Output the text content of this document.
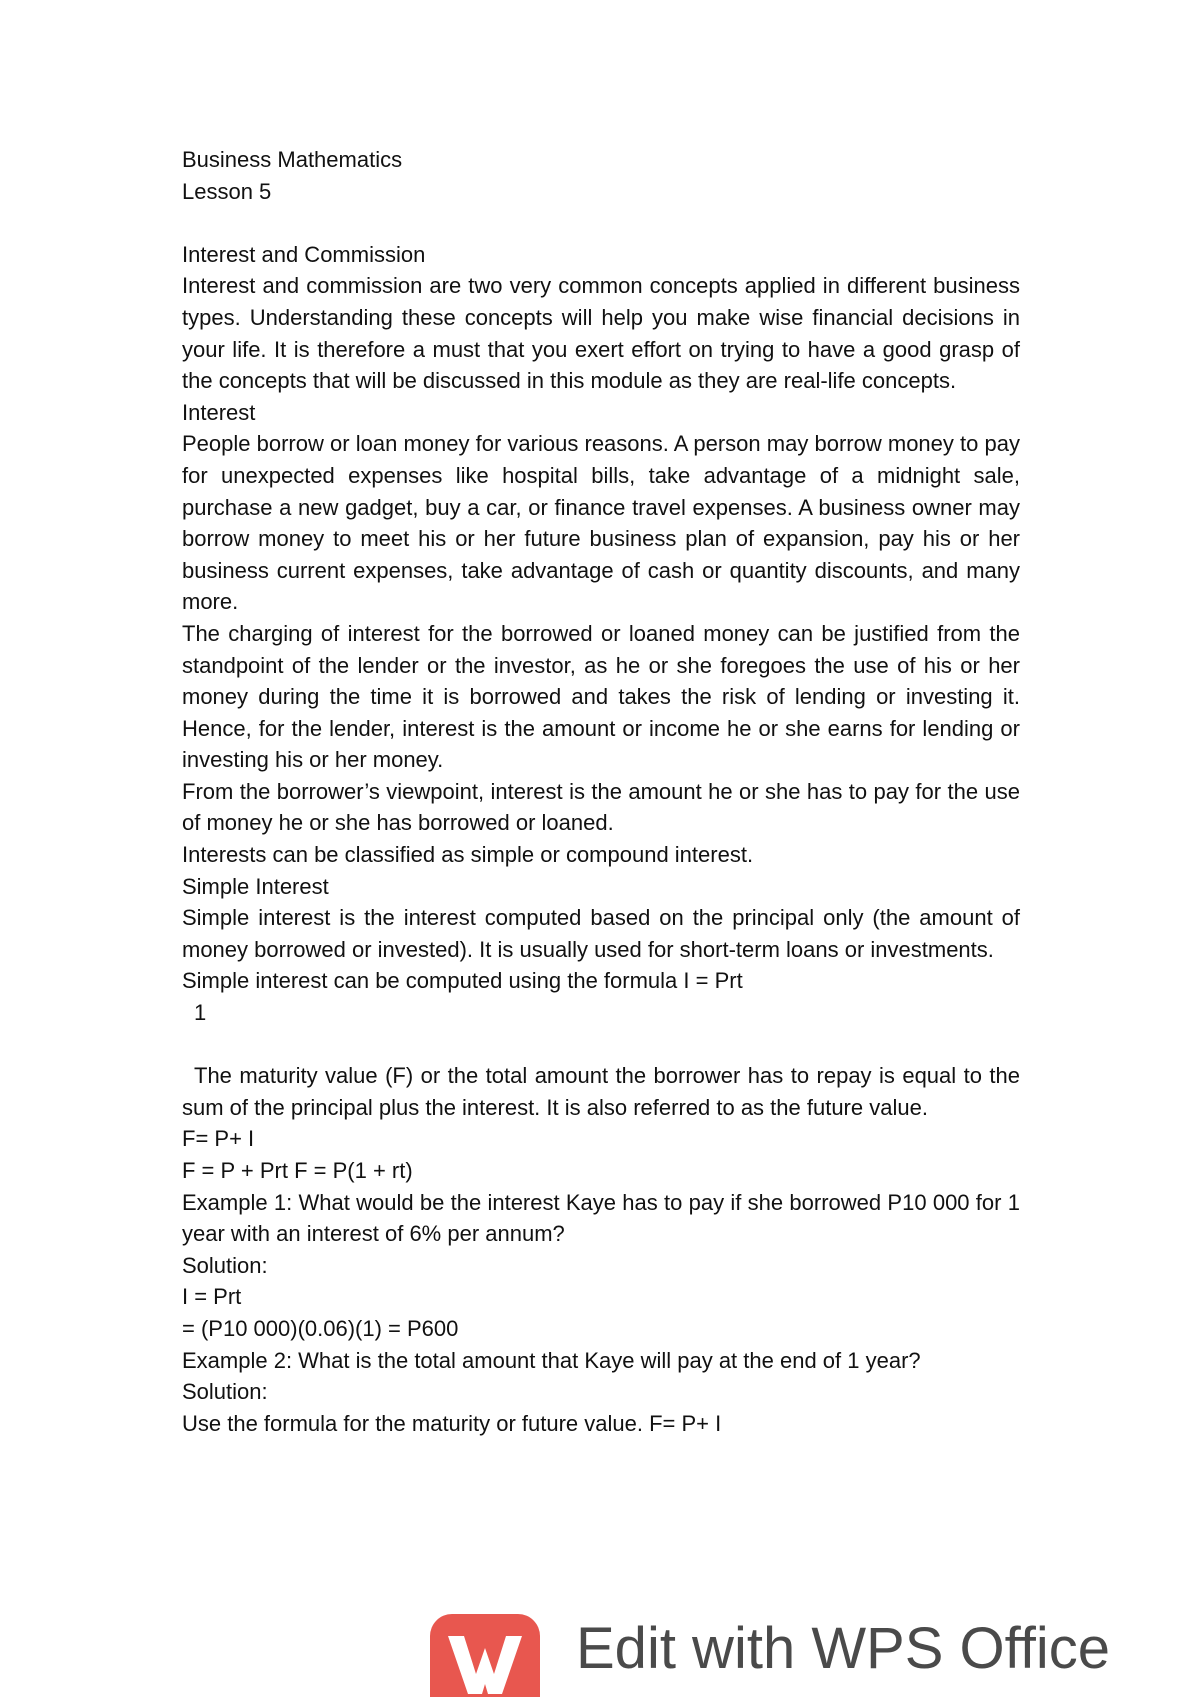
Business Mathematics

Lesson 5

Interest and Commission

Interest and commission are two very common concepts applied in different business types. Understanding these concepts will help you make wise financial decisions in your life. It is therefore a must that you exert effort on trying to have a good grasp of the concepts that will be discussed in this module as they are real-life concepts.

Interest

People borrow or loan money for various reasons. A person may borrow money to pay for unexpected expenses like hospital bills, take advantage of a midnight sale, purchase a new gadget, buy a car, or finance travel expenses. A business owner may borrow money to meet his or her future business plan of expansion, pay his or her business current expenses, take advantage of cash or quantity discounts, and many more.

The charging of interest for the borrowed or loaned money can be justified from the standpoint of the lender or the investor, as he or she foregoes the use of his or her money during the time it is borrowed and takes the risk of lending or investing it. Hence, for the lender, interest is the amount or income he or she earns for lending or investing his or her money.

From the borrower’s viewpoint, interest is the amount he or she has to pay for the use of money he or she has borrowed or loaned.

Interests can be classified as simple or compound interest.

Simple Interest

Simple interest is the interest computed based on the principal only (the amount of money borrowed or invested). It is usually used for short-term loans or investments.

Simple interest can be computed using the formula I = Prt

1

The maturity value (F) or the total amount the borrower has to repay is equal to the sum of the principal plus the interest. It is also referred to as the future value.

F= P+ I

F = P + Prt F = P(1 + rt)

Example 1: What would be the interest Kaye has to pay if she borrowed P10 000 for 1 year with an interest of 6% per annum?

Solution:

I = Prt

= (P10 000)(0.06)(1) = P600

Example 2: What is the total amount that Kaye will pay at the end of 1 year?

Solution:

Use the formula for the maturity or future value. F= P+ I

Edit with WPS Office
